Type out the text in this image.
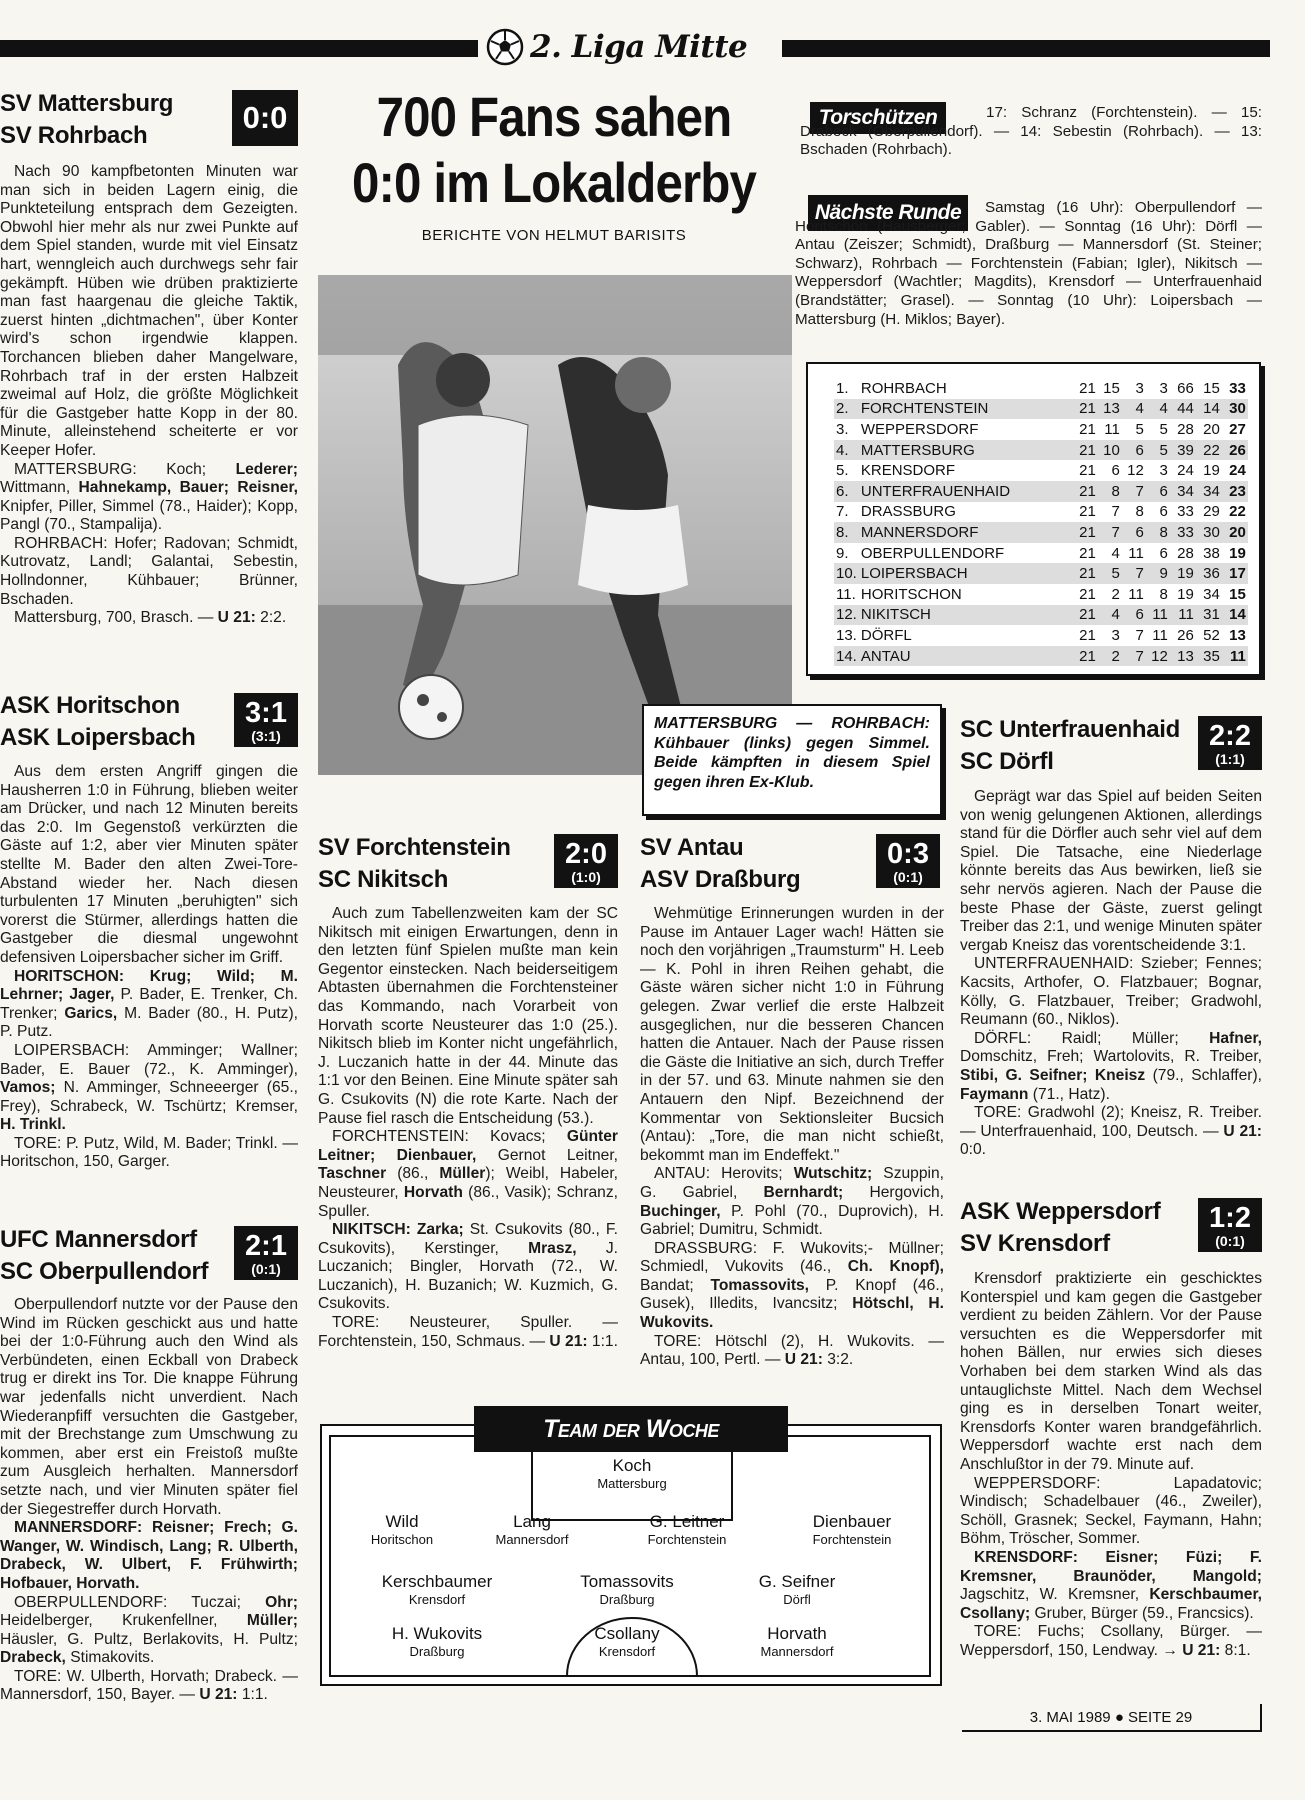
2. Liga Mitte
700 Fans sahen
0:0 im Lokalderby
BERICHTE VON HELMUT BARISITS
MATTERSBURG — ROHRBACH: Kühbauer (links) gegen Simmel. Beide kämpften in diesem Spiel gegen ihren Ex-Klub.
Torschützen	17: Schranz (Forchtenstein). — 15: Drabeck (Oberpullendorf). — 14: Sebestin (Rohrbach). — 13: Bschaden (Rohrbach).

Nächste Runde	Samstag (16 Uhr): Oberpullendorf — Horitschon (Hausberger; Gabler). — Sonntag (16 Uhr): Dörfl — Antau (Zeiszer; Schmidt), Draßburg — Mannersdorf (St. Steiner; Schwarz), Rohrbach — Forchtenstein (Fabian; Igler), Nikitsch — Weppersdorf (Wachtler; Magdits), Krensdorf — Unterfrauenhaid (Brandstätter; Grasel). — Sonntag (10 Uhr): Loipersbach — Mattersburg (H. Miklos; Bayer).

1.	ROHRBACH	21	15	3	3	66	15	33
2.	FORCHTENSTEIN	21	13	4	4	44	14	30
3.	WEPPERSDORF	21	11	5	5	28	20	27
4.	MATTERSBURG	21	10	6	5	39	22	26
5.	KRENSDORF	21	6	12	3	24	19	24
6.	UNTERFRAUENHAID	21	8	7	6	34	34	23
7.	DRASSBURG	21	7	8	6	33	29	22
8.	MANNERSDORF	21	7	6	8	33	30	20
9.	OBERPULLENDORF	21	4	11	6	28	38	19
10.	LOIPERSBACH	21	5	7	9	19	36	17
11.	HORITSCHON	21	2	11	8	19	34	15
12.	NIKITSCH	21	4	6	11	11	31	14
13.	DÖRFL	21	3	7	11	26	52	13
14.	ANTAU	21	2	7	12	13	35	11
SV Mattersburg
SV Rohrbach
0:0

Nach 90 kampfbetonten Minuten war man sich in beiden Lagern einig, die Punkteteilung entsprach dem Gezeigten. Obwohl hier mehr als nur zwei Punkte auf dem Spiel standen, wurde mit viel Einsatz hart, wenngleich auch durchwegs sehr fair gekämpft. Hüben wie drüben praktizierte man fast haargenau die gleiche Taktik, zuerst hinten „dichtmachen", über Konter wird's schon irgendwie klappen. Torchancen blieben daher Mangelware, Rohrbach traf in der ersten Halbzeit zweimal auf Holz, die größte Möglichkeit für die Gastgeber hatte Kopp in der 80. Minute, alleinstehend scheiterte er vor Keeper Hofer.

MATTERSBURG: Koch; Lederer; Wittmann, Hahnekamp, Bauer; Reisner, Knipfer, Piller, Simmel (78., Haider); Kopp, Pangl (70., Stampalija).

ROHRBACH: Hofer; Radovan; Schmidt, Kutrovatz, Landl; Galantai, Sebestin, Hollndonner, Kühbauer; Brünner, Bschaden.

Mattersburg, 700, Brasch. — U 21: 2:2.

ASK Horitschon
ASK Loipersbach
3:1
(3:1)

Aus dem ersten Angriff gingen die Hausherren 1:0 in Führung, blieben weiter am Drücker, und nach 12 Minuten bereits das 2:0. Im Gegenstoß verkürzten die Gäste auf 1:2, aber vier Minuten später stellte M. Bader den alten Zwei-Tore-Abstand wieder her. Nach diesen turbulenten 17 Minuten „beruhigten" sich vorerst die Stürmer, allerdings hatten die Gastgeber die diesmal ungewohnt defensiven Loipersbacher sicher im Griff.

HORITSCHON: Krug; Wild; M. Lehrner; Jager, P. Bader, E. Trenker, Ch. Trenker; Garics, M. Bader (80., H. Putz), P. Putz.

LOIPERSBACH: Amminger; Wallner; Bader, E. Bauer (72., K. Amminger), Vamos; N. Amminger, Schneeerger (65., Frey), Schrabeck, W. Tschürtz; Kremser, H. Trinkl.

TORE: P. Putz, Wild, M. Bader; Trinkl. — Horitschon, 150, Garger.

UFC Mannersdorf
SC Oberpullendorf
2:1
(0:1)

Oberpullendorf nutzte vor der Pause den Wind im Rücken geschickt aus und hatte bei der 1:0-Führung auch den Wind als Verbündeten, einen Eckball von Drabeck trug er direkt ins Tor. Die knappe Führung war jedenfalls nicht unverdient. Nach Wiederanpfiff versuchten die Gastgeber, mit der Brechstange zum Umschwung zu kommen, aber erst ein Freistoß mußte zum Ausgleich herhalten. Mannersdorf setzte nach, und vier Minuten später fiel der Siegestreffer durch Horvath.

MANNERSDORF: Reisner; Frech; G. Wanger, W. Windisch, Lang; R. Ulberth, Drabeck, W. Ulbert, F. Frühwirth; Hofbauer, Horvath.

OBERPULLENDORF: Tuczai; Ohr; Heidelberger, Krukenfellner, Müller; Häusler, G. Pultz, Berlakovits, H. Pultz; Drabeck, Stimakovits.

TORE: W. Ulberth, Horvath; Drabeck. — Mannersdorf, 150, Bayer. — U 21: 1:1.

SV Forchtenstein
SC Nikitsch
2:0
(1:0)

Auch zum Tabellenzweiten kam der SC Nikitsch mit einigen Erwartungen, denn in den letzten fünf Spielen mußte man kein Gegentor einstecken. Nach beiderseitigem Abtasten übernahmen die Forchtensteiner das Kommando, nach Vorarbeit von Horvath scorte Neusteurer das 1:0 (25.). Nikitsch blieb im Konter nicht ungefährlich, J. Luczanich hatte in der 44. Minute das 1:1 vor den Beinen. Eine Minute später sah G. Csukovits (N) die rote Karte. Nach der Pause fiel rasch die Entscheidung (53.).

FORCHTENSTEIN: Kovacs; Günter Leitner; Dienbauer, Gernot Leitner, Taschner (86., Müller); Weibl, Habeler, Neusteurer, Horvath (86., Vasik); Schranz, Spuller.

NIKITSCH: Zarka; St. Csukovits (80., F. Csukovits), Kerstinger, Mrasz, J. Luczanich; Bingler, Horvath (72., W. Luczanich), H. Buzanich; W. Kuzmich, G. Csukovits.

TORE: Neusteurer, Spuller. — Forchtenstein, 150, Schmaus. — U 21: 1:1.

SV Antau
ASV Draßburg
0:3
(0:1)

Wehmütige Erinnerungen wurden in der Pause im Antauer Lager wach! Hätten sie noch den vorjährigen „Traumsturm" H. Leeb — K. Pohl in ihren Reihen gehabt, die Gäste wären sicher nicht 1:0 in Führung gelegen. Zwar verlief die erste Halbzeit ausgeglichen, nur die besseren Chancen hatten die Antauer. Nach der Pause rissen die Gäste die Initiative an sich, durch Treffer in der 57. und 63. Minute nahmen sie den Antauern den Nipf. Bezeichnend der Kommentar von Sektionsleiter Bucsich (Antau): „Tore, die man nicht schießt, bekommt man im Endeffekt."

ANTAU: Herovits; Wutschitz; Szuppin, G. Gabriel, Bernhardt; Hergovich, Buchinger, P. Pohl (70., Duprovich), H. Gabriel; Dumitru, Schmidt.

DRASSBURG: F. Wukovits;- Müllner; Schmiedl, Vukovits (46., Ch. Knopf), Bandat; Tomassovits, P. Knopf (46., Gusek), Illedits, Ivancsitz; Hötschl, H. Wukovits.

TORE: Hötschl (2), H. Wukovits. — Antau, 100, Pertl. — U 21: 3:2.

SC Unterfrauenhaid
SC Dörfl
2:2
(1:1)

Geprägt war das Spiel auf beiden Seiten von wenig gelungenen Aktionen, allerdings stand für die Dörfler auch sehr viel auf dem Spiel. Die Tatsache, eine Niederlage könnte bereits das Aus bewirken, ließ sie sehr nervös agieren. Nach der Pause die beste Phase der Gäste, zuerst gelingt Treiber das 2:1, und wenige Minuten später vergab Kneisz das vorentscheidende 3:1.

UNTERFRAUENHAID: Szieber; Fennes; Kacsits, Arthofer, O. Flatzbauer; Bognar, Kölly, G. Flatzbauer, Treiber; Gradwohl, Reumann (60., Niklos).

DÖRFL: Raidl; Müller; Hafner, Domschitz, Freh; Wartolovits, R. Treiber, Stibi, G. Seifner; Kneisz (79., Schlaffer), Faymann (71., Hatz).

TORE: Gradwohl (2); Kneisz, R. Treiber. — Unterfrauenhaid, 100, Deutsch. — U 21: 0:0.

ASK Weppersdorf
SV Krensdorf
1:2
(0:1)

Krensdorf praktizierte ein geschicktes Konterspiel und kam gegen die Gastgeber verdient zu beiden Zählern. Vor der Pause versuchten es die Weppersdorfer mit hohen Bällen, nur erwies sich dieses Vorhaben bei dem starken Wind als das untauglichste Mittel. Nach dem Wechsel ging es in derselben Tonart weiter, Krensdorfs Konter waren brandgefährlich. Weppersdorf wachte erst nach dem Anschlußtor in der 79. Minute auf.

WEPPERSDORF: Lapadatovic; Windisch; Schadelbauer (46., Zweiler), Schöll, Grasnek; Seckel, Faymann, Hahn; Böhm, Tröscher, Sommer.

KRENSDORF: Eisner; Füzi; F. Kremsner, Braunöder, Mangold; Jagschitz, W. Kremsner, Kerschbaumer, Csollany; Gruber, Bürger (59., Francsics).

TORE: Fuchs; Csollany, Bürger. — Weppersdorf, 150, Lendway. → U 21: 8:1.

Team der Woche
Koch
Mattersburg
Wild
Horitschon
Lang
Mannersdorf
G. Leitner
Forchtenstein
Dienbauer
Forchtenstein
Kerschbaumer
Krensdorf
Tomassovits
Draßburg
G. Seifner
Dörfl
H. Wukovits
Draßburg
Csollany
Krensdorf
Horvath
Mannersdorf
3. MAI 1989 ● SEITE 29
